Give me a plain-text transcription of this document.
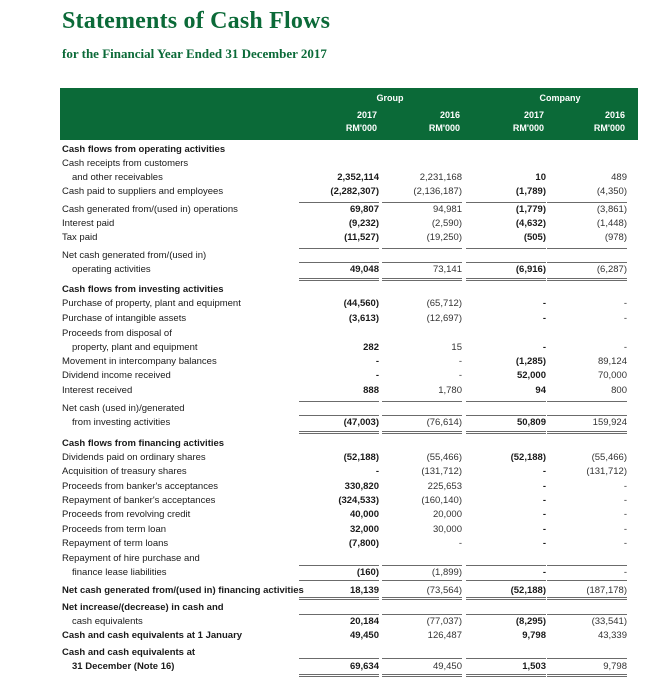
Statements of Cash Flows
for the Financial Year Ended 31 December 2017
Group	Company
2017	2016	2017	2016
RM'000	RM'000	RM'000	RM'000
Cash flows from operating activities
Cash receipts from customers
and other receivables	2,352,114	2,231,168	10	489
Cash paid to suppliers and employees	(2,282,307)	(2,136,187)	(1,789)	(4,350)
Cash generated from/(used in) operations	69,807	94,981	(1,779)	(3,861)
Interest paid	(9,232)	(2,590)	(4,632)	(1,448)
Tax paid	(11,527)	(19,250)	(505)	(978)
Net cash generated from/(used in)
operating activities	49,048	73,141	(6,916)	(6,287)
Cash flows from investing activities
Purchase of property, plant and equipment	(44,560)	(65,712)	-	-
Purchase of intangible assets	(3,613)	(12,697)	-	-
Proceeds from disposal of
property, plant and equipment	282	15	-	-
Movement in intercompany balances	-	-	(1,285)	89,124
Dividend income received	-	-	52,000	70,000
Interest received	888	1,780	94	800
Net cash (used in)/generated
from investing activities	(47,003)	(76,614)	50,809	159,924
Cash flows from financing activities
Dividends paid on ordinary shares	(52,188)	(55,466)	(52,188)	(55,466)
Acquisition of treasury shares	-	(131,712)	-	(131,712)
Proceeds from banker's acceptances	330,820	225,653	-	-
Repayment of banker's acceptances	(324,533)	(160,140)	-	-
Proceeds from revolving credit	40,000	20,000	-	-
Proceeds from term loan	32,000	30,000	-	-
Repayment of term loans	(7,800)	-	-	-
Repayment of hire purchase and
finance lease liabilities	(160)	(1,899)	-	-
Net cash generated from/(used in) financing activities	18,139	(73,564)	(52,188)	(187,178)
Net increase/(decrease) in cash and
cash equivalents	20,184	(77,037)	(8,295)	(33,541)
Cash and cash equivalents at 1 January	49,450	126,487	9,798	43,339
Cash and cash equivalents at
31 December (Note 16)	69,634	49,450	1,503	9,798
